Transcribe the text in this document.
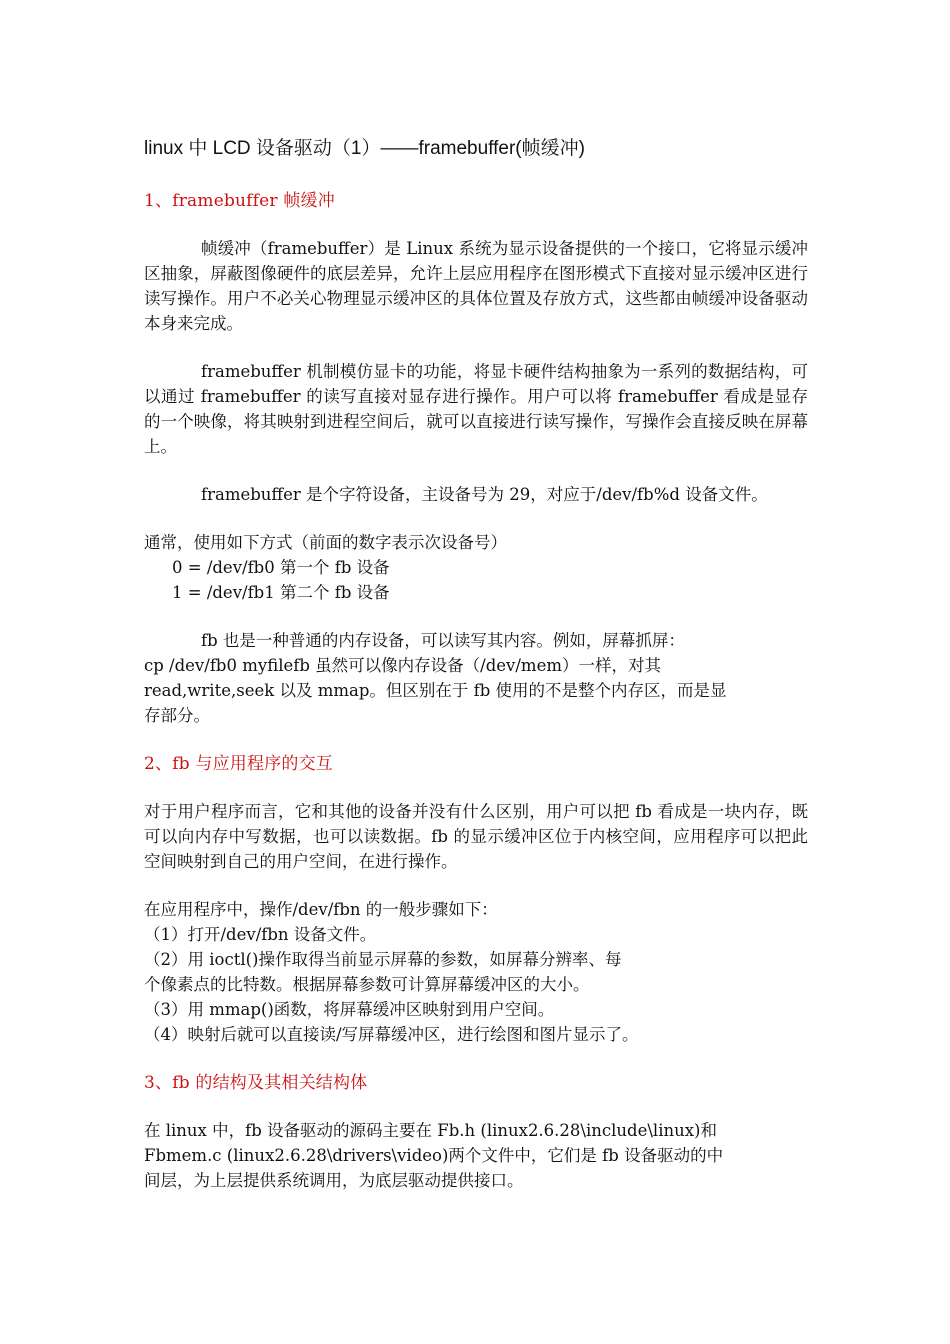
linux 中 LCD 设备驱动（1）——framebuffer(帧缓冲)
1、framebuffer 帧缓冲
帧缓冲（framebuffer）是 Linux 系统为显示设备提供的一个接口，它将显示缓冲区抽象，屏蔽图像硬件的底层差异，允许上层应用程序在图形模式下直接对显示缓冲区进行读写操作。用户不必关心物理显示缓冲区的具体位置及存放方式，这些都由帧缓冲设备驱动本身来完成。
framebuffer 机制模仿显卡的功能，将显卡硬件结构抽象为一系列的数据结构，可以通过 framebuffer 的读写直接对显存进行操作。用户可以将 framebuffer 看成是显存的一个映像，将其映射到进程空间后，就可以直接进行读写操作，写操作会直接反映在屏幕上。
framebuffer 是个字符设备，主设备号为 29，对应于/dev/fb%d 设备文件。
通常，使用如下方式（前面的数字表示次设备号）
0 = /dev/fb0 第一个 fb 设备
1 = /dev/fb1 第二个 fb 设备
fb 也是一种普通的内存设备，可以读写其内容。例如，屏幕抓屏：
cp /dev/fb0 myfilefb 虽然可以像内存设备（/dev/mem）一样，对其
read,write,seek 以及 mmap。但区别在于 fb 使用的不是整个内存区，而是显
存部分。
2、fb 与应用程序的交互
对于用户程序而言，它和其他的设备并没有什么区别，用户可以把 fb 看成是一块内存，既可以向内存中写数据，也可以读数据。fb 的显示缓冲区位于内核空间，应用程序可以把此空间映射到自己的用户空间，在进行操作。
在应用程序中，操作/dev/fbn 的一般步骤如下：
（1）打开/dev/fbn 设备文件。
（2）用 ioctl()操作取得当前显示屏幕的参数，如屏幕分辨率、每
个像素点的比特数。根据屏幕参数可计算屏幕缓冲区的大小。
（3）用 mmap()函数，将屏幕缓冲区映射到用户空间。
（4）映射后就可以直接读/写屏幕缓冲区，进行绘图和图片显示了。
3、fb 的结构及其相关结构体
在 linux 中，fb 设备驱动的源码主要在 Fb.h (linux2.6.28\include\linux)和
Fbmem.c (linux2.6.28\drivers\video)两个文件中，它们是 fb 设备驱动的中
间层，为上层提供系统调用，为底层驱动提供接口。
